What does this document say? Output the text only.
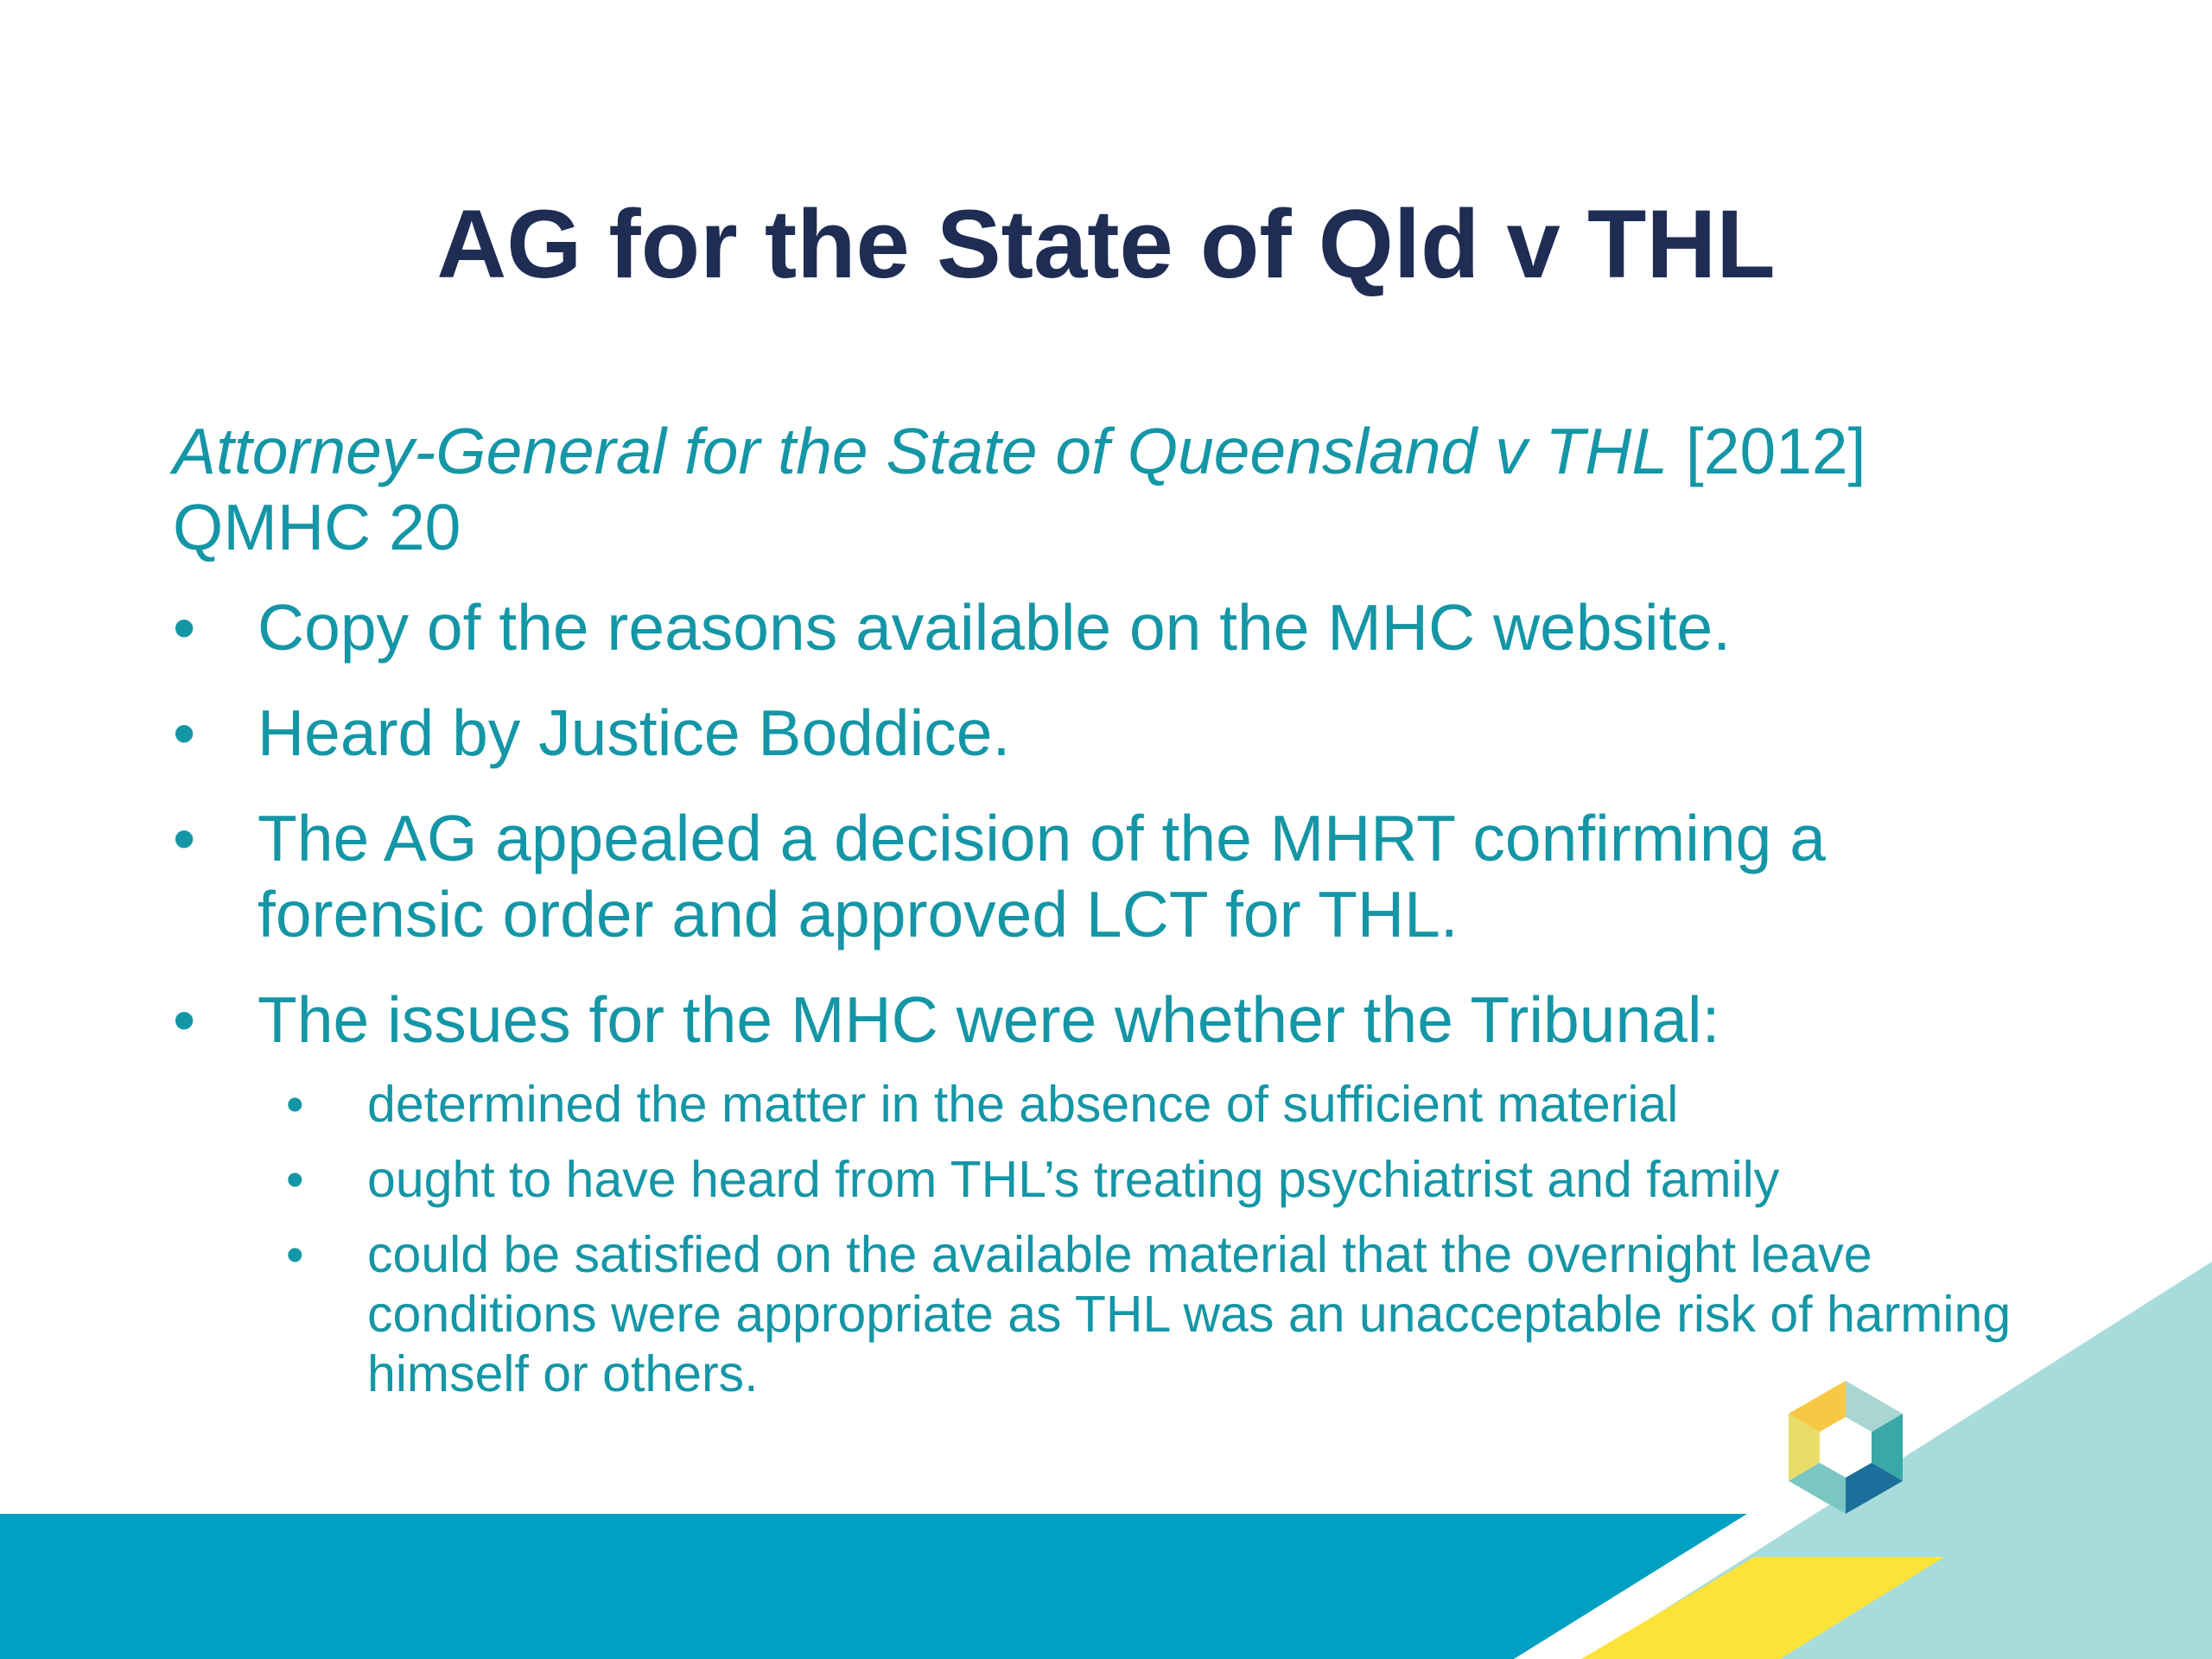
AG for the State of Qld v THL

Attorney-General for the State of Queensland v THL [2012] QMHC 20

• Copy of the reasons available on the MHC website.
• Heard by Justice Boddice.
• The AG appealed a decision of the MHRT confirming a forensic order and approved LCT for THL.
• The issues for the MHC were whether the Tribunal:
• determined the matter in the absence of sufficient material
• ought to have heard from THL’s treating psychiatrist and family
• could be satisfied on the available material that the overnight leave conditions were appropriate as THL was an unacceptable risk of harming himself or others.
